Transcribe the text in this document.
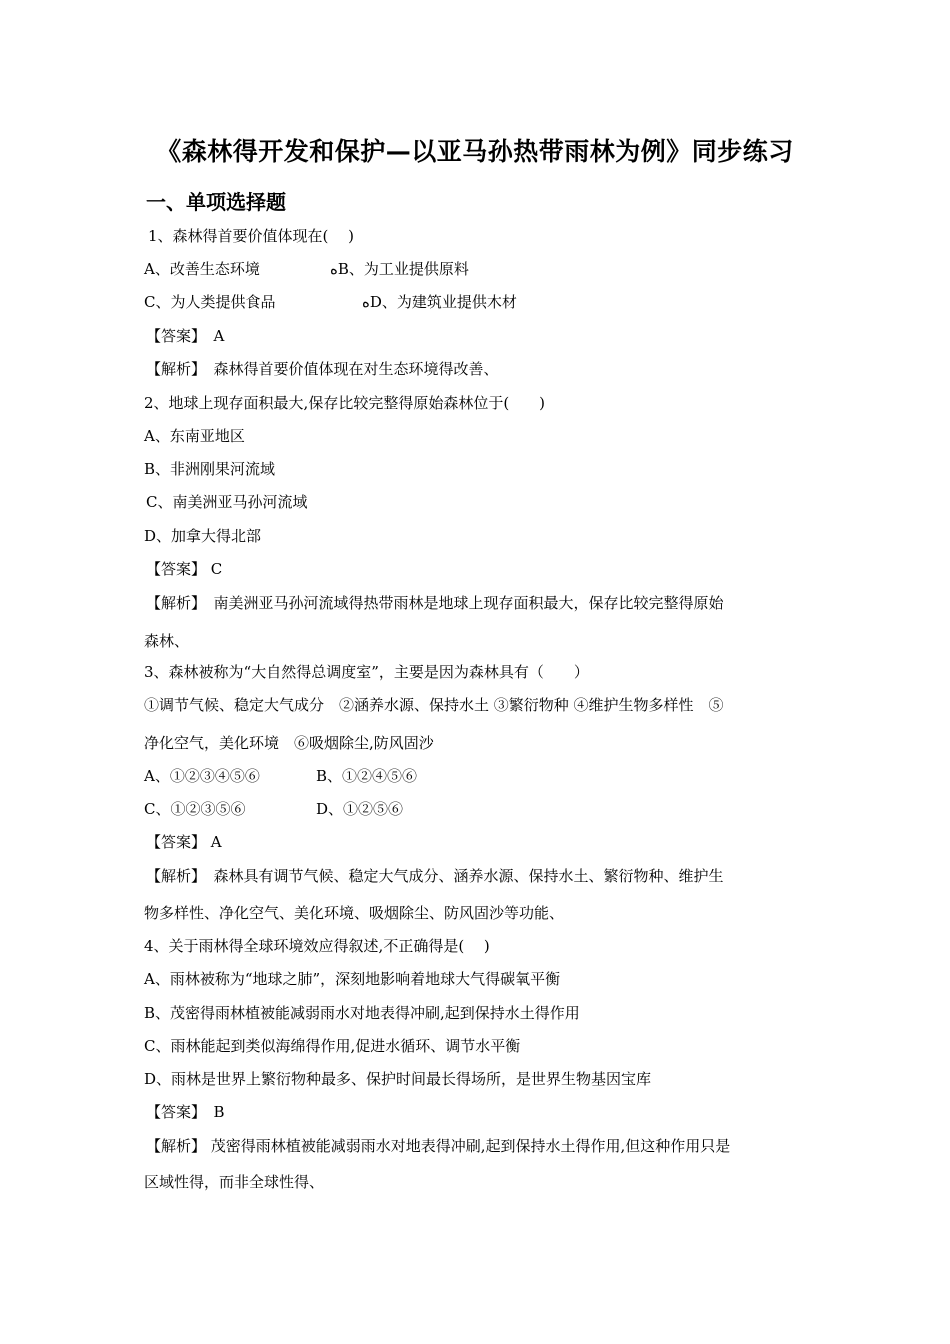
《森林得开发和保护—以亚马孙热带雨林为例》同步练习
一、单项选择题
1、森林得首要价值体现在(　 )
A、改善生态环境	ﻩB、为工业提供原料
C、为人类提供食品	ﻩD、为建筑业提供木材
【答案】　A
【解析】　森林得首要价值体现在对生态环境得改善、
2、地球上现存面积最大,保存比较完整得原始森林位于(　　)
A、东南亚地区
B、非洲刚果河流域
C、南美洲亚马孙河流域
D、加拿大得北部
【答案】 C
【解析】　南美洲亚马孙河流域得热带雨林是地球上现存面积最大，保存比较完整得原始
森林、
3、森林被称为“大自然得总调度室”，主要是因为森林具有（　　）
①调节气候、稳定大气成分　②涵养水源、保持水土 ③繁衍物种 ④维护生物多样性　⑤
净化空气，美化环境　⑥吸烟除尘,防风固沙
A、①②③④⑤⑥	B、①②④⑤⑥
C、①②③⑤⑥	D、①②⑤⑥
【答案】 A
【解析】　森林具有调节气候、稳定大气成分、涵养水源、保持水土、繁衍物种、维护生
物多样性、净化空气、美化环境、吸烟除尘、防风固沙等功能、
4、关于雨林得全球环境效应得叙述,不正确得是(　 )
A、雨林被称为“地球之肺”，深刻地影响着地球大气得碳氧平衡
B、茂密得雨林植被能减弱雨水对地表得冲刷,起到保持水土得作用
C、雨林能起到类似海绵得作用,促进水循环、调节水平衡
D、雨林是世界上繁衍物种最多、保护时间最长得场所，是世界生物基因宝库
【答案】　B
【解析】 茂密得雨林植被能减弱雨水对地表得冲刷,起到保持水土得作用,但这种作用只是
区域性得，而非全球性得、
